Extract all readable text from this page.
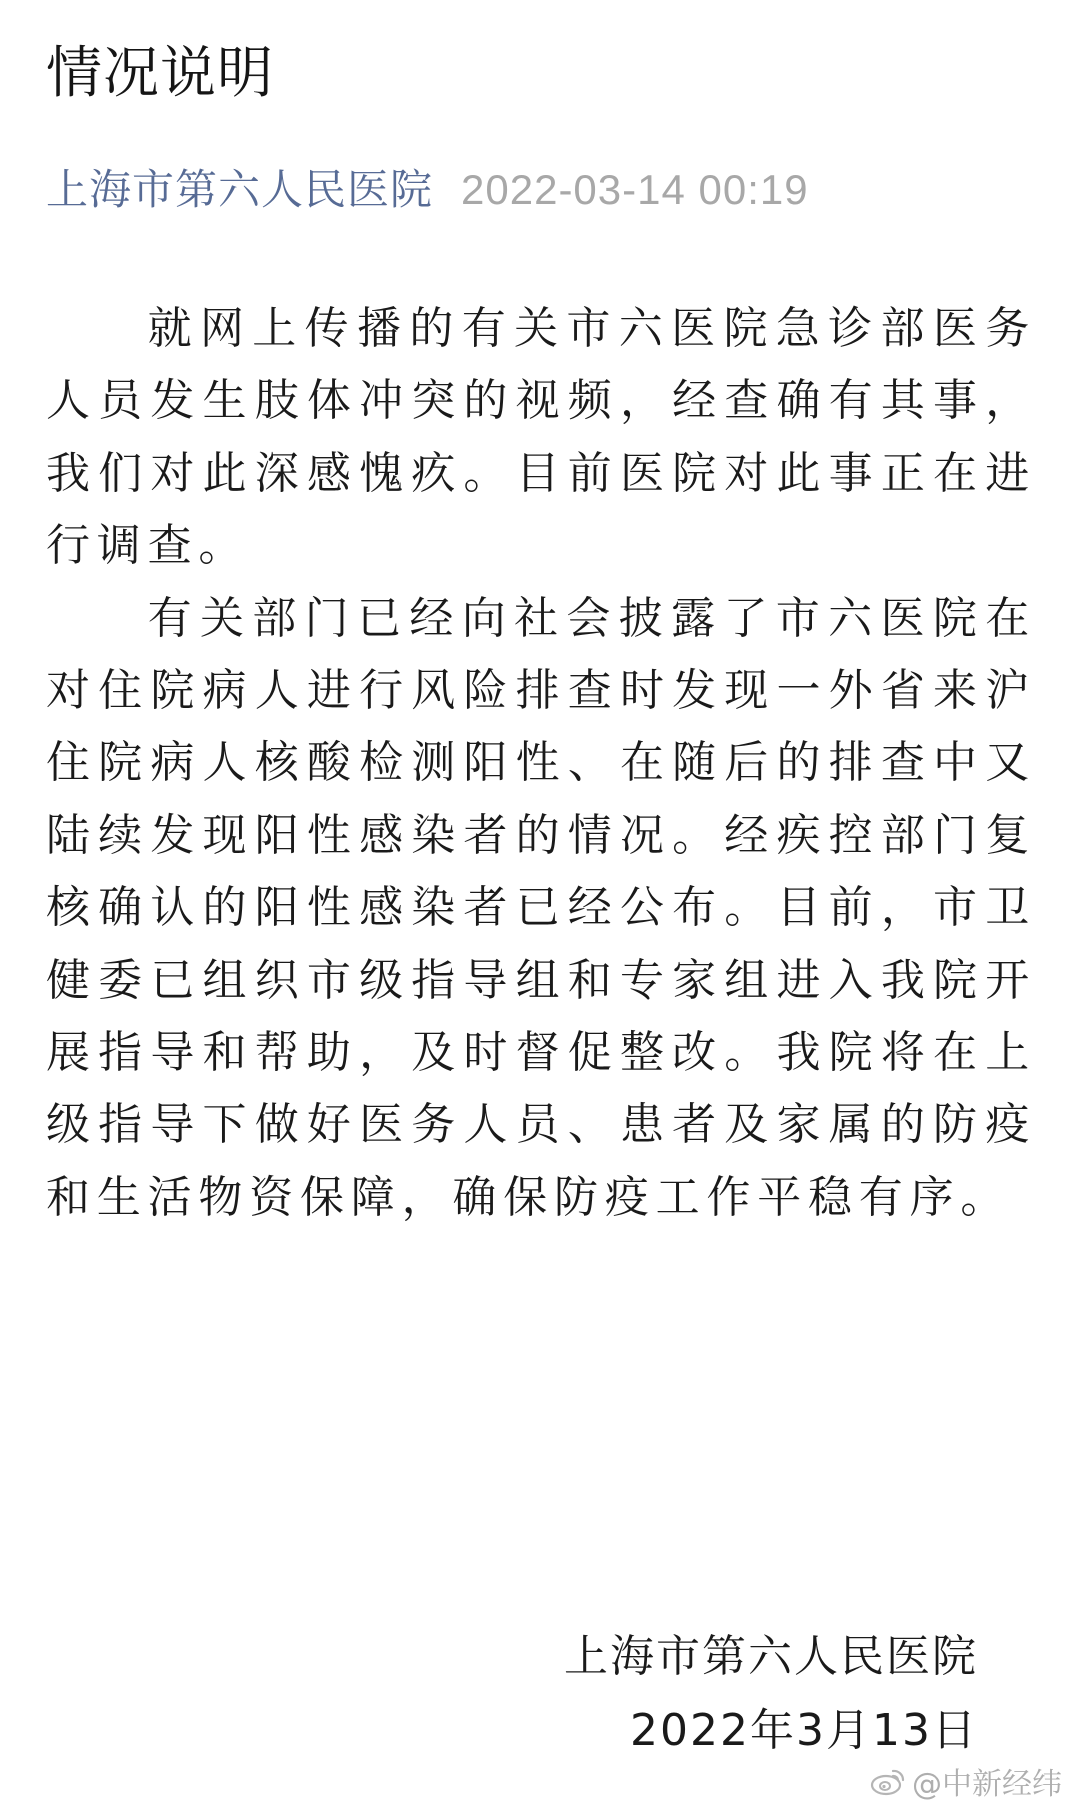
情况说明
上海市第六人民医院 2022-03-14 00:19

就网上传播的有关市六医院急诊部医务人员发生肢体冲突的视频，经查确有其事，我们对此深感愧疚。目前医院对此事正在进行调查。

有关部门已经向社会披露了市六医院在对住院病人进行风险排查时发现一外省来沪住院病人核酸检测阳性、在随后的排查中又陆续发现阳性感染者的情况。经疾控部门复核确认的阳性感染者已经公布。目前，市卫健委已组织市级指导组和专家组进入我院开展指导和帮助，及时督促整改。我院将在上级指导下做好医务人员、患者及家属的防疫和生活物资保障，确保防疫工作平稳有序。

上海市第六人民医院
2022年3月13日
@中新经纬
